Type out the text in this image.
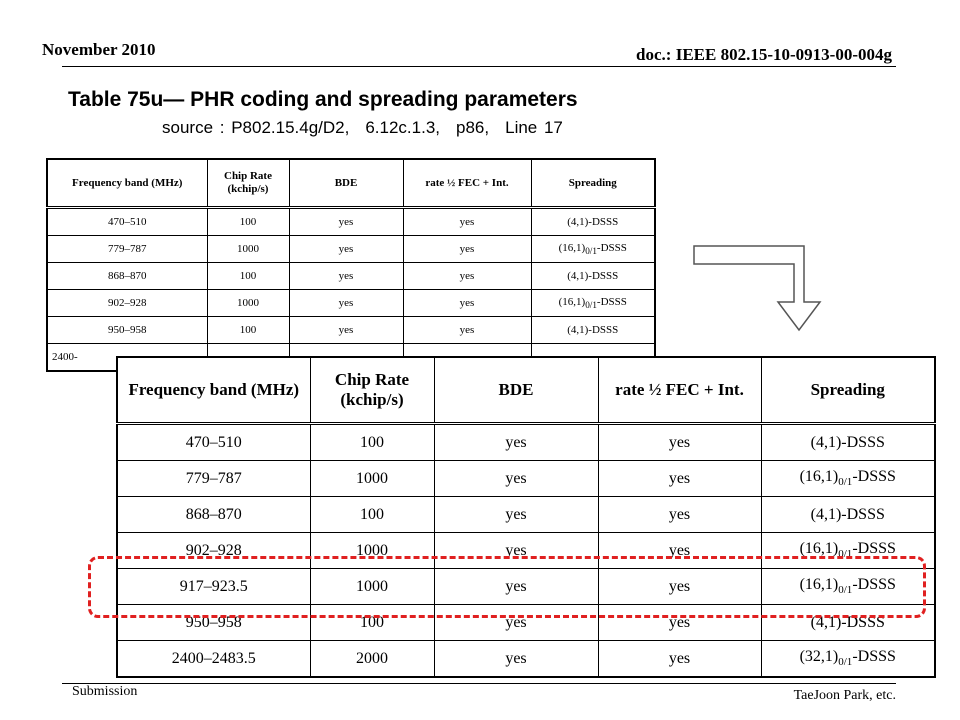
November 2010	doc.: IEEE 802.15-10-0913-00-004g
Table 75u— PHR coding and spreading parameters
source : P802.15.4g/D2, 6.12c.1.3, p86, Line 17
Frequency band (MHz)	Chip Rate (kchip/s)	BDE	rate ½ FEC + Int.	Spreading
470–510	100	yes	yes	(4,1)-DSSS
779–787	1000	yes	yes	$(16,1)_{0/1}$-DSSS
868–870	100	yes	yes	(4,1)-DSSS
902–928	1000	yes	yes	$(16,1)_{0/1}$-DSSS
950–958	100	yes	yes	(4,1)-DSSS
2400-				
Frequency band (MHz)	Chip Rate (kchip/s)	BDE	rate ½ FEC + Int.	Spreading
470–510	100	yes	yes	(4,1)-DSSS
779–787	1000	yes	yes	$(16,1)_{0/1}$-DSSS
868–870	100	yes	yes	(4,1)-DSSS
902–928	1000	yes	yes	$(16,1)_{0/1}$-DSSS
917–923.5	1000	yes	yes	$(16,1)_{0/1}$-DSSS
950–958	100	yes	yes	(4,1)-DSSS
2400–2483.5	2000	yes	yes	$(32,1)_{0/1}$-DSSS
Submission	TaeJoon Park, etc.
